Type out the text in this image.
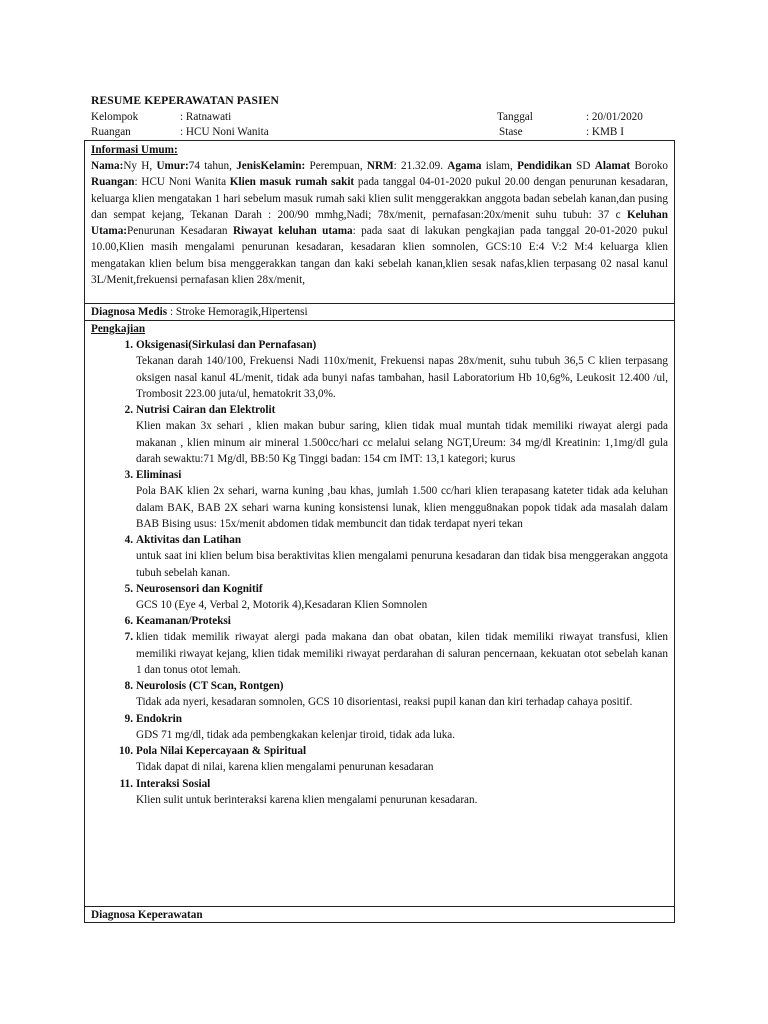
RESUME KEPERAWATAN PASIEN
Kelompok	: Ratnawati
Ruangan	: HCU Noni Wanita
Tanggal	: 20/01/2020
Stase	: KMB I
Informasi Umum:

Nama:Ny H, Umur:74 tahun, JenisKelamin: Perempuan, NRM: 21.32.09. Agama islam, Pendidikan SD Alamat Boroko Ruangan: HCU Noni Wanita Klien masuk rumah sakit pada tanggal 04-01-2020 pukul 20.00 dengan penurunan kesadaran, keluarga klien mengatakan 1 hari sebelum masuk rumah saki klien sulit menggerakkan anggota badan sebelah kanan,dan pusing dan sempat kejang, Tekanan Darah : 200/90 mmhg,Nadi; 78x/menit, pernafasan:20x/menit suhu tubuh: 37 c Keluhan Utama:Penurunan Kesadaran Riwayat keluhan utama: pada saat di lakukan pengkajian pada tanggal 20-01-2020 pukul 10.00,Klien masih mengalami penurunan kesadaran, kesadaran klien somnolen, GCS:10 E:4 V:2 M:4 keluarga klien mengatakan klien belum bisa menggerakkan tangan dan kaki sebelah kanan,klien sesak nafas,klien terpasang 02 nasal kanul 3L/Menit,frekuensi pernafasan klien 28x/menit,

Diagnosa Medis : Stroke Hemoragik,Hipertensi
Pengkajian
1. Oksigenasi(Sirkulasi dan Pernafasan)
Tekanan darah 140/100, Frekuensi Nadi 110x/menit, Frekuensi napas 28x/menit, suhu tubuh 36,5 C klien terpasang oksigen nasal kanul 4L/menit, tidak ada bunyi nafas tambahan, hasil Laboratorium Hb 10,6g%, Leukosit 12.400 /ul, Trombosit 223.00 juta/ul, hematokrit 33,0%.
2. Nutrisi Cairan dan Elektrolit
Klien makan 3x sehari , klien makan bubur saring, klien tidak mual muntah tidak memiliki riwayat alergi pada makanan , klien minum air mineral 1.500cc/hari cc melalui selang NGT,Ureum: 34 mg/dl Kreatinin: 1,1mg/dl gula darah sewaktu:71 Mg/dl, BB:50 Kg Tinggi badan: 154 cm IMT: 13,1 kategori; kurus
3. Eliminasi
Pola BAK klien 2x sehari, warna kuning ,bau khas, jumlah 1.500 cc/hari klien terapasang kateter tidak ada keluhan dalam BAK, BAB 2X sehari warna kuning konsistensi lunak, klien menggu8nakan popok tidak ada masalah dalam BAB Bising usus: 15x/menit abdomen tidak membuncit dan tidak terdapat nyeri tekan
4. Aktivitas dan Latihan
untuk saat ini klien belum bisa beraktivitas klien mengalami penuruna kesadaran dan tidak bisa menggerakan anggota tubuh sebelah kanan.
5. Neurosensori dan Kognitif
GCS 10 (Eye 4, Verbal 2, Motorik 4),Kesadaran Klien Somnolen
6. Keamanan/Proteksi
7. klien tidak memilik riwayat alergi pada makana dan obat obatan, kilen tidak memiliki riwayat transfusi, klien memiliki riwayat kejang, klien tidak memiliki riwayat perdarahan di saluran pencernaan, kekuatan otot sebelah kanan 1 dan tonus otot lemah.
8. Neurolosis (CT Scan, Rontgen)
Tidak ada nyeri, kesadaran somnolen, GCS 10 disorientasi, reaksi pupil kanan dan kiri terhadap cahaya positif.
9. Endokrin
GDS 71 mg/dl, tidak ada pembengkakan kelenjar tiroid, tidak ada luka.
10. Pola Nilai Kepercayaan & Spiritual
Tidak dapat di nilai, karena klien mengalami penurunan kesadaran
11. Interaksi Sosial
Klien sulit untuk berinteraksi karena klien mengalami penurunan kesadaran.
Diagnosa Keperawatan
